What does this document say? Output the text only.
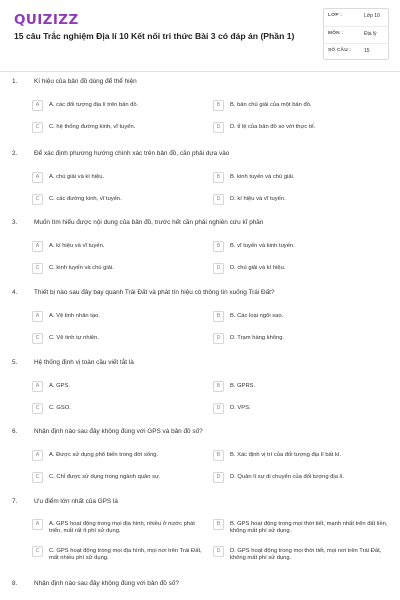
QUIZIZZ
15 câu Trắc nghiệm Địa lí 10 Kết nối tri thức Bài 3 có đáp án (Phần 1)
LỚP :	Lớp 10
MÔN :	Địa lý
SỐ CÂU :	15
1.	Kí hiệu của bản đồ dùng để thể hiện
A	A. các đối tượng địa lí trên bản đồ.	B	B. bản chú giải của một bản đồ.
C	C. hệ thống đường kinh, vĩ tuyến.	D	D. tỉ lệ của bản đồ so với thực tế.
2.	Để xác định phương hướng chính xác trên bản đồ, cần phải dựa vào
A	A. chú giải và kí hiệu.	B	B. kinh tuyến và chú giải.
C	C. các đường kinh, vĩ tuyến.	D	D. kí hiệu và vĩ tuyến.
3.	Muốn tìm hiểu được nội dung của bản đồ, trước hết cần phải nghiên cứu kĩ phần
A	A. kí hiệu và vĩ tuyến.	B	B. vĩ tuyến và kinh tuyến.
C	C. kinh tuyến và chú giải.	D	D. chú giải và kí hiệu.
4.	Thiết bị nào sau đây bay quanh Trái Đất và phát tín hiệu có thông tin xuống Trái Đất?
A	A. Vệ tinh nhân tạo.	B	B. Các loại ngôi sao.
C	C. Vệ tinh tự nhiên.	D	D. Trạm hàng không.
5.	Hệ thống định vị toàn cầu viết tắt là
A	A. GPS.	B	B. GPRS.
C	C. GSO.	D	D. VPS.
6.	Nhận định nào sau đây không đúng với GPS và bản đồ số?
A	A. Được sử dụng phổ biến trong đời sống.	B	B. Xác định vị trí của đối tượng địa lí bất kì.
C	C. Chỉ được sử dụng trong ngành quân sự.	D	D. Quản lí sự di chuyển của đối tượng địa lí.
7.	Ưu điểm lớn nhất của GPS là
A	A. GPS hoạt động trong mọi địa hình, nhiều ở nước phát triển, mất rất ít phí sử dụng.
B	B. GPS hoạt động trong mọi thời tiết, mạnh nhất trên đất liền, không mất phí sử dụng.
C	C. GPS hoạt động trong mọi địa hình, mọi nơi trên Trái Đất, mất nhiều phí sử dụng.
D	D. GPS hoạt động trong mọi thời tiết, mọi nơi trên Trái Đất, không mất phí sử dụng.
8.	Nhận định nào sau đây không đúng với bản đồ số?
